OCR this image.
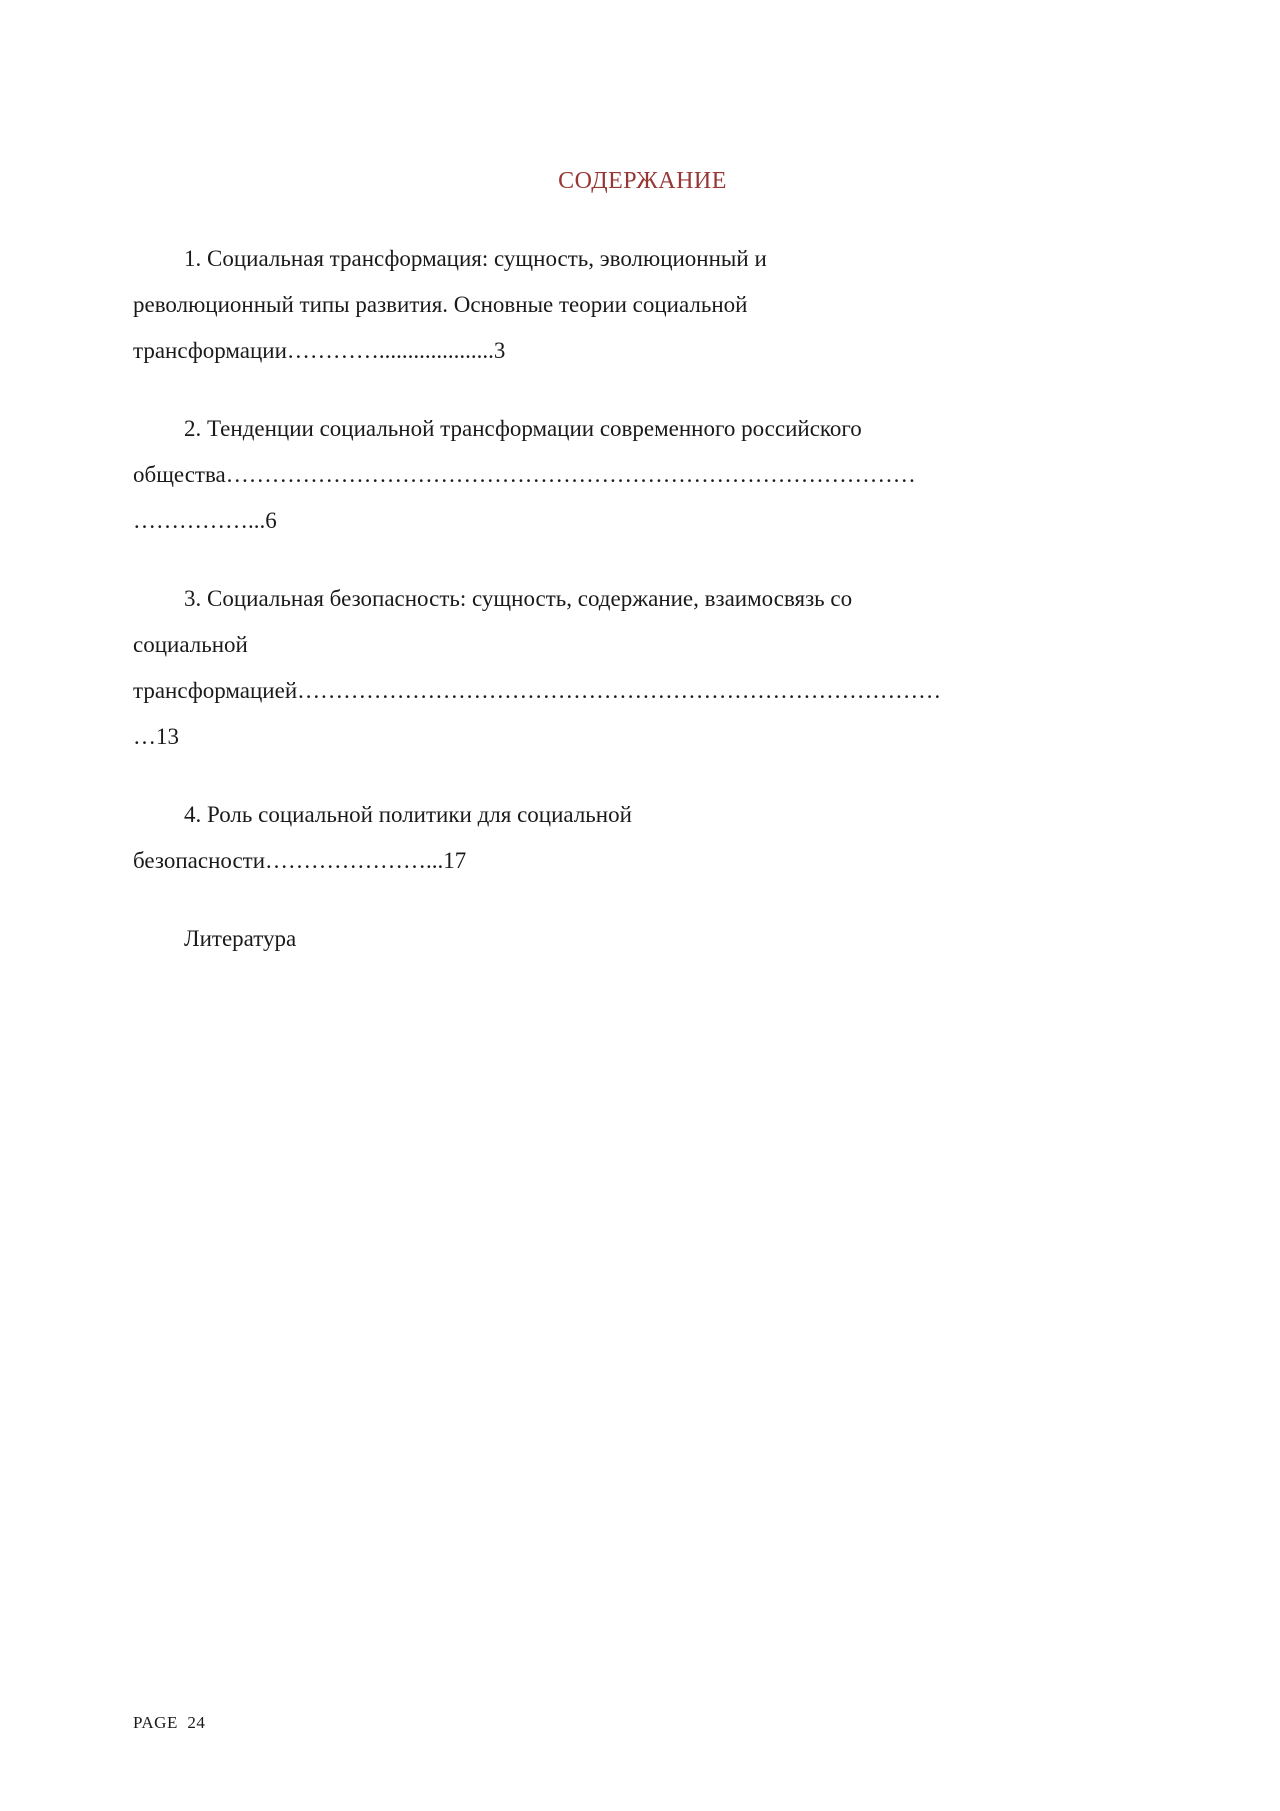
СОДЕРЖАНИЕ
1. Социальная трансформация: сущность, эволюционный и
революционный типы развития. Основные теории социальной
трансформации…………....................3
2. Тенденции социальной трансформации современного российского
общества………………………………………………………………………………
……………...6
3. Социальная безопасность: сущность, содержание, взаимосвязь со
социальной
трансформацией…………………………………………………………………………
…13
4. Роль социальной политики для социальной
безопасности…………………...17
Литература
PAGE  24
